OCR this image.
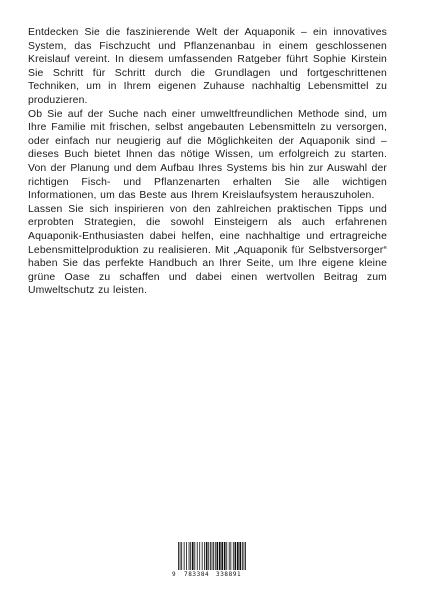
Entdecken Sie die faszinierende Welt der Aquaponik – ein innovatives System, das Fischzucht und Pflanzenanbau in einem geschlossenen Kreislauf vereint. In diesem umfassenden Ratgeber führt Sophie Kirstein Sie Schritt für Schritt durch die Grundlagen und fortgeschrittenen Techniken, um in Ihrem eigenen Zuhause nachhaltig Lebensmittel zu produzieren.

Ob Sie auf der Suche nach einer umweltfreundlichen Methode sind, um Ihre Familie mit frischen, selbst angebauten Lebensmitteln zu versorgen, oder einfach nur neugierig auf die Möglichkeiten der Aquaponik sind – dieses Buch bietet Ihnen das nötige Wissen, um erfolgreich zu starten. Von der Planung und dem Aufbau Ihres Systems bis hin zur Auswahl der richtigen Fisch- und Pflanzenarten erhalten Sie alle wichtigen Informationen, um das Beste aus Ihrem Kreislaufsystem herauszuholen.

Lassen Sie sich inspirieren von den zahlreichen praktischen Tipps und erprobten Strategien, die sowohl Einsteigern als auch erfahrenen Aquaponik-Enthusiasten dabei helfen, eine nachhaltige und ertragreiche Lebensmittelproduktion zu realisieren. Mit „Aquaponik für Selbstversorger“ haben Sie das perfekte Handbuch an Ihrer Seite, um Ihre eigene kleine grüne Oase zu schaffen und dabei einen wertvollen Beitrag zum Umweltschutz zu leisten.

9 783384 338891
